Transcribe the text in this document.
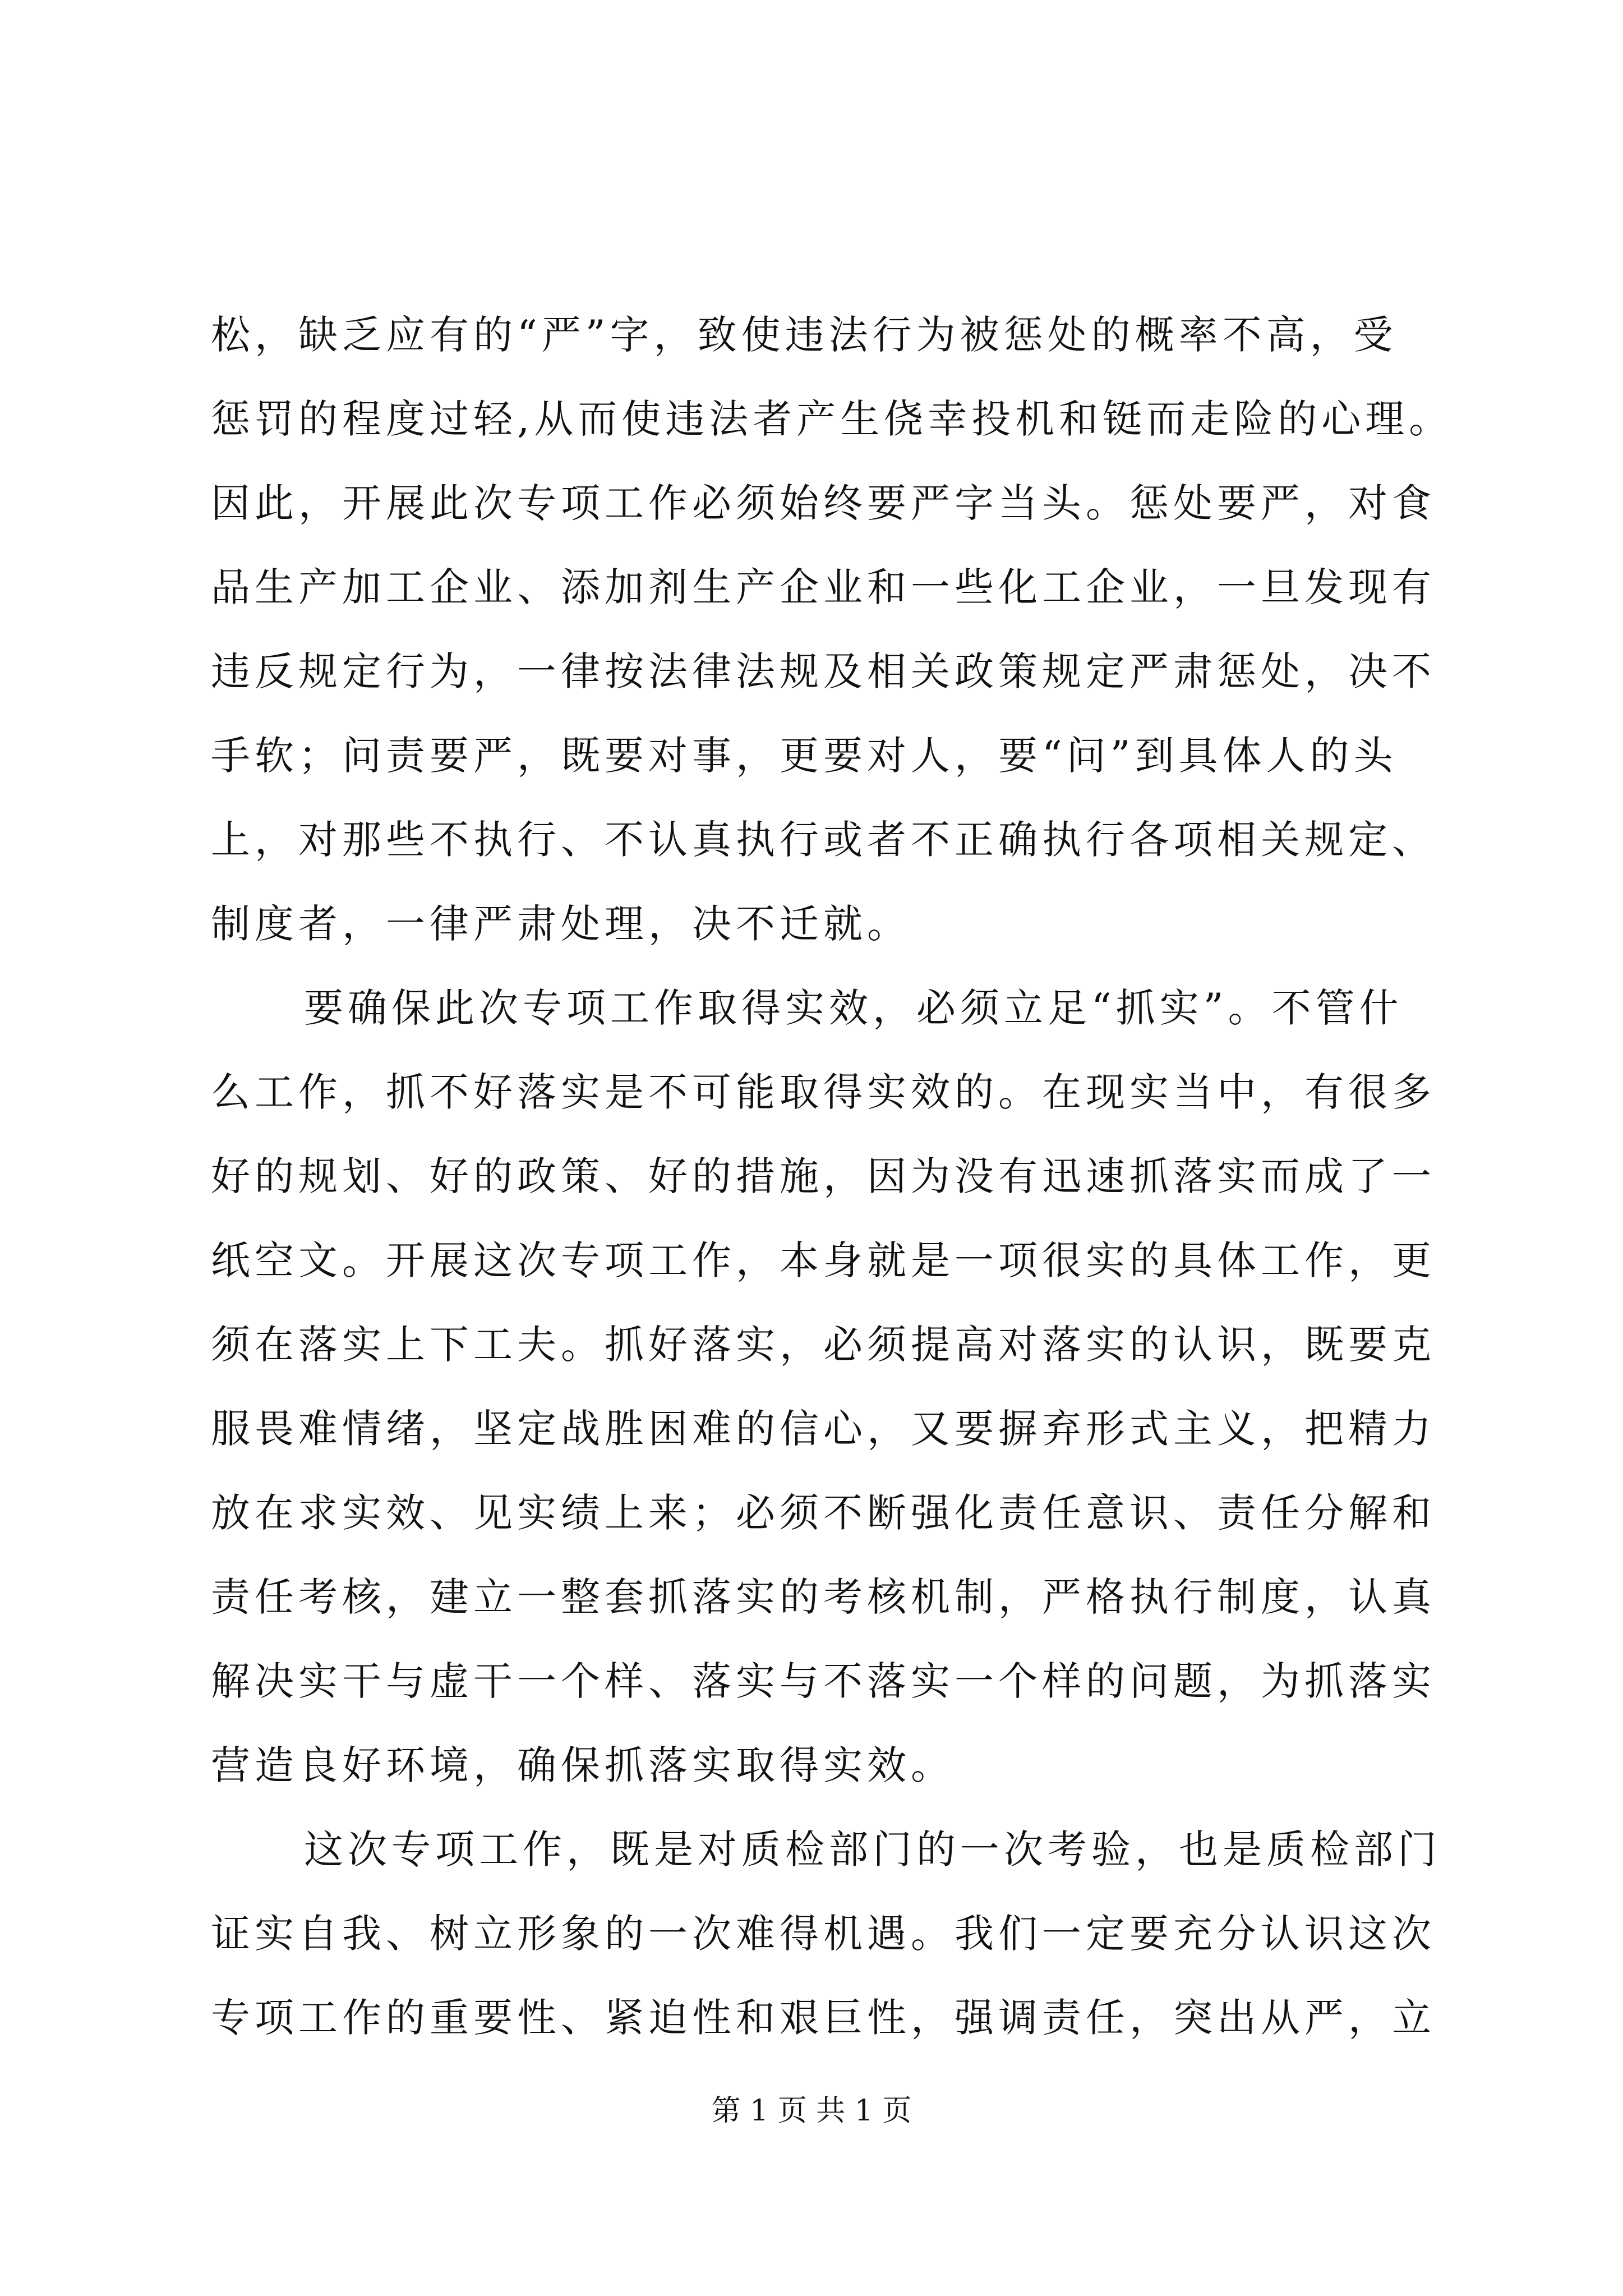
松，缺乏应有的“严”字，致使违法行为被惩处的概率不高，受
惩罚的程度过轻,从而使违法者产生侥幸投机和铤而走险的心理。
因此，开展此次专项工作必须始终要严字当头。惩处要严，对食
品生产加工企业、添加剂生产企业和一些化工企业，一旦发现有
违反规定行为，一律按法律法规及相关政策规定严肃惩处，决不
手软；问责要严，既要对事，更要对人，要“问”到具体人的头
上，对那些不执行、不认真执行或者不正确执行各项相关规定、
制度者，一律严肃处理，决不迁就。
要确保此次专项工作取得实效，必须立足“抓实”。不管什
么工作，抓不好落实是不可能取得实效的。在现实当中，有很多
好的规划、好的政策、好的措施，因为没有迅速抓落实而成了一
纸空文。开展这次专项工作，本身就是一项很实的具体工作，更
须在落实上下工夫。抓好落实，必须提高对落实的认识，既要克
服畏难情绪，坚定战胜困难的信心，又要摒弃形式主义，把精力
放在求实效、见实绩上来；必须不断强化责任意识、责任分解和
责任考核，建立一整套抓落实的考核机制，严格执行制度，认真
解决实干与虚干一个样、落实与不落实一个样的问题，为抓落实
营造良好环境，确保抓落实取得实效。
这次专项工作，既是对质检部门的一次考验，也是质检部门
证实自我、树立形象的一次难得机遇。我们一定要充分认识这次
专项工作的重要性、紧迫性和艰巨性，强调责任，突出从严，立
第 1 页 共 1 页
